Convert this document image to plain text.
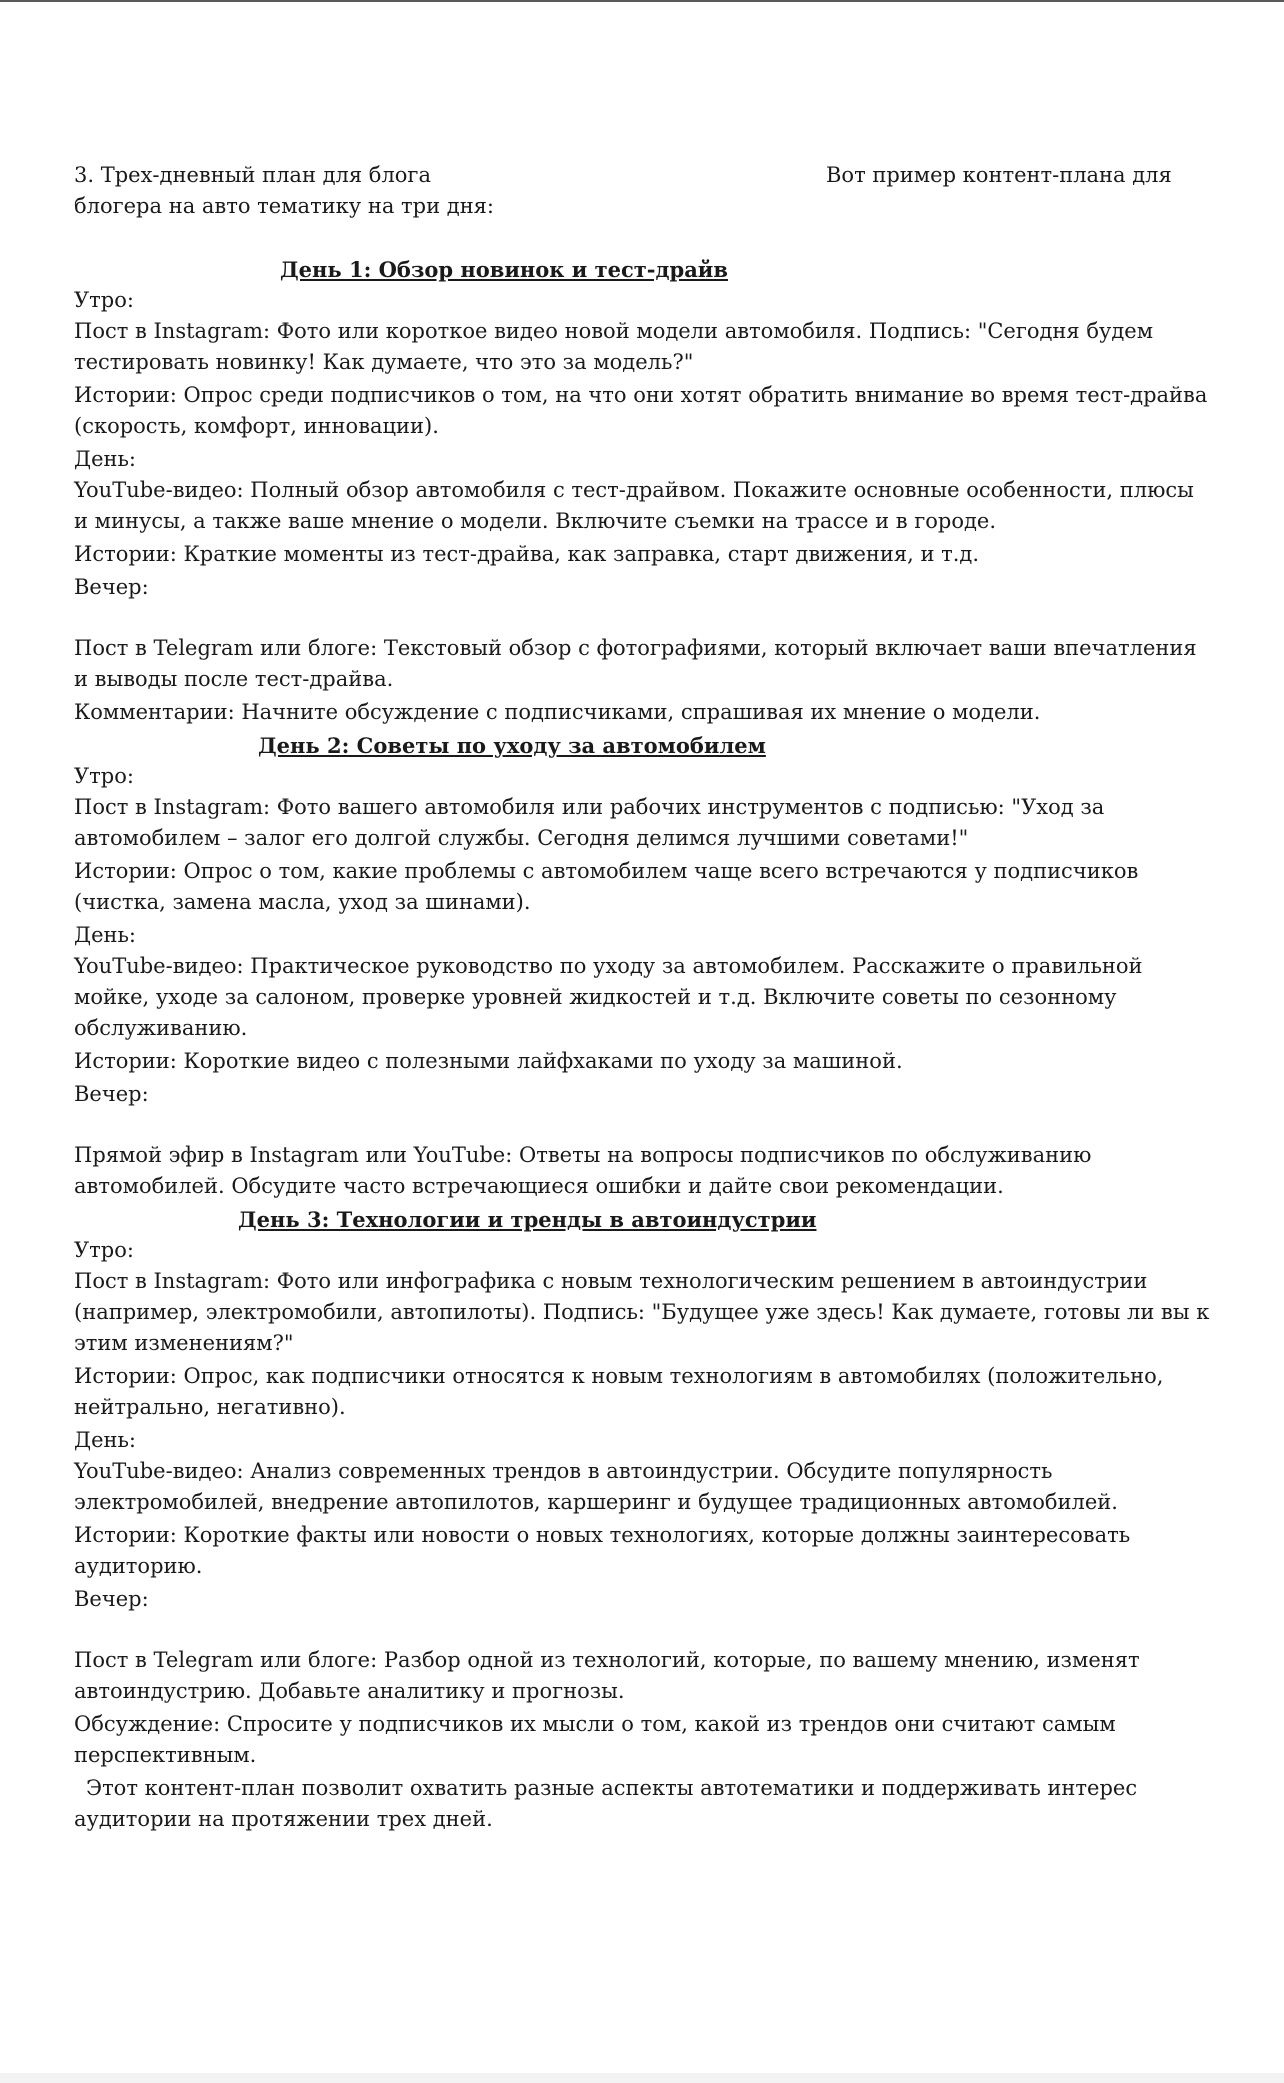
3. Трех-дневный план для блога
блогера на авто тематику на три дня:
Вот пример контент-плана для

День 1: Обзор новинок и тест-драйв

Утро:

Пост в Instagram: Фото или короткое видео новой модели автомобиля. Подпись: "Сегодня будем тестировать новинку! Как думаете, что это за модель?"

Истории: Опрос среди подписчиков о том, на что они хотят обратить внимание во время тест-драйва (скорость, комфорт, инновации).

День:

YouTube-видео: Полный обзор автомобиля с тест-драйвом. Покажите основные особенности, плюсы и минусы, а также ваше мнение о модели. Включите съемки на трассе и в городе.

Истории: Краткие моменты из тест-драйва, как заправка, старт движения, и т.д.

Вечер:

Пост в Telegram или блоге: Текстовый обзор с фотографиями, который включает ваши впечатления и выводы после тест-драйва.

Комментарии: Начните обсуждение с подписчиками, спрашивая их мнение о модели.

День 2: Советы по уходу за автомобилем

Утро:

Пост в Instagram: Фото вашего автомобиля или рабочих инструментов с подписью: "Уход за автомобилем – залог его долгой службы. Сегодня делимся лучшими советами!"

Истории: Опрос о том, какие проблемы с автомобилем чаще всего встречаются у подписчиков (чистка, замена масла, уход за шинами).

День:

YouTube-видео: Практическое руководство по уходу за автомобилем. Расскажите о правильной мойке, уходе за салоном, проверке уровней жидкостей и т.д. Включите советы по сезонному обслуживанию.

Истории: Короткие видео с полезными лайфхаками по уходу за машиной.

Вечер:

Прямой эфир в Instagram или YouTube: Ответы на вопросы подписчиков по обслуживанию автомобилей. Обсудите часто встречающиеся ошибки и дайте свои рекомендации.

День 3: Технологии и тренды в автоиндустрии

Утро:

Пост в Instagram: Фото или инфографика с новым технологическим решением в автоиндустрии (например, электромобили, автопилоты). Подпись: "Будущее уже здесь! Как думаете, готовы ли вы к этим изменениям?"

Истории: Опрос, как подписчики относятся к новым технологиям в автомобилях (положительно, нейтрально, негативно).

День:

YouTube-видео: Анализ современных трендов в автоиндустрии. Обсудите популярность электромобилей, внедрение автопилотов, каршеринг и будущее традиционных автомобилей.

Истории: Короткие факты или новости о новых технологиях, которые должны заинтересовать аудиторию.

Вечер:

Пост в Telegram или блоге: Разбор одной из технологий, которые, по вашему мнению, изменят автоиндустрию. Добавьте аналитику и прогнозы.

Обсуждение: Спросите у подписчиков их мысли о том, какой из трендов они считают самым перспективным.

Этот контент-план позволит охватить разные аспекты автотематики и поддерживать интерес аудитории на протяжении трех дней.
